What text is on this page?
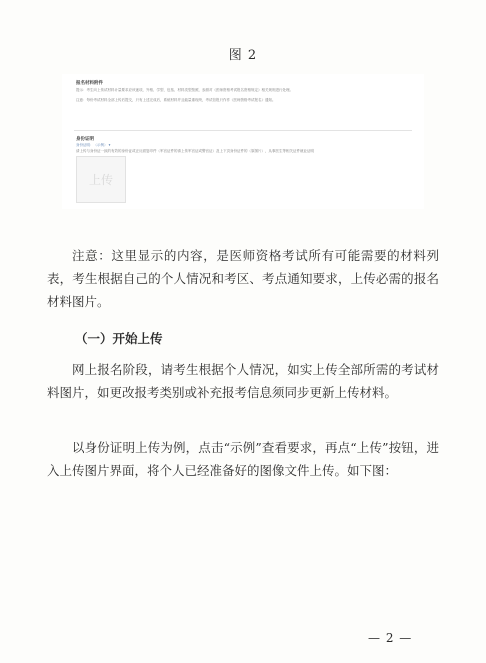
图 2
报名材料附件
提示：考生向上传试材料计量要求应该逐项，外格、学型、包括、材料类型按照，参照对《医师资格考试报名资格规定》相关规则进行处理。
注意：每份考试材料全部上传后提交，只有上述完成后，系统材料并且能量重现终，考试信报只作作《医师资格考试报名》通知。
身份证明
身份证明：（示例） ▾
请上传与身份证一致的有效的身份证或正反面复印件（军官证件的请上传军官证或警官证）及上下页身份证件的（原图片），从事医生等相关证件就业证明
上传

注意：这里显示的内容，是医师资格考试所有可能需要的材料列表，考生根据自己的个人情况和考区、考点通知要求，上传必需的报名材料图片。

（一）开始上传

网上报名阶段，请考生根据个人情况，如实上传全部所需的考试材料图片，如更改报考类别或补充报考信息须同步更新上传材料。

以身份证明上传为例，点击“示例”查看要求，再点“上传”按钮，进入上传图片界面，将个人已经准备好的图像文件上传。如下图：

— 2 —
